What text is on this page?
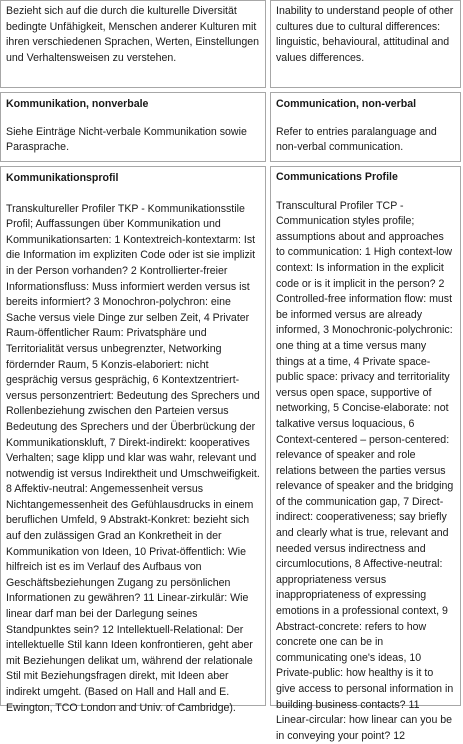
Bezieht sich auf die durch die kulturelle Diversität bedingte Unfähigkeit, Menschen anderer Kulturen mit ihren verschiedenen Sprachen, Werten, Einstellungen und Verhaltensweisen zu verstehen.
Inability to understand people of other cultures due to cultural differences: linguistic, behavioural, attitudinal and values differences.
Kommunikation, nonverbale
Siehe Einträge Nicht-verbale Kommunikation sowie Parasprache.
Communication, non-verbal
Refer to entries paralanguage and non-verbal communication.
Kommunikationsprofil
Transkultureller Profiler TKP - Kommunikationsstile Profil; Auffassungen über Kommunikation und Kommunikationsarten: 1 Kontextreich-kontextarm: Ist die Information im expliziten Code oder ist sie implizit in der Person vorhanden? 2 Kontrollierter-freier Informationsfluss: Muss informiert werden versus ist bereits informiert? 3 Monochron-polychron: eine Sache versus viele Dinge zur selben Zeit, 4 Privater Raum-öffentlicher Raum: Privatsphäre und Territorialität versus unbegrenzter, Networking fördernder Raum, 5 Konzis-elaboriert: nicht gesprächig versus gesprächig, 6 Kontextzentriert-versus personzentriert: Bedeutung des Sprechers und Rollenbeziehung zwischen den Parteien versus Bedeutung des Sprechers und der Überbrückung der Kommunikationskluft, 7 Direkt-indirekt: kooperatives Verhalten; sage klipp und klar was wahr, relevant und notwendig ist versus Indirektheit und Umschweifigkeit. 8 Affektiv-neutral: Angemessenheit versus Nichtangemessenheit des Gefühlausdrucks in einem beruflichen Umfeld, 9 Abstrakt-Konkret: bezieht sich auf den zulässigen Grad an Konkretheit in der Kommunikation von Ideen, 10 Privat-öffentlich: Wie hilfreich ist es im Verlauf des Aufbaus von Geschäftsbeziehungen Zugang zu persönlichen Informationen zu gewähren? 11 Linear-zirkulär: Wie linear darf man bei der Darlegung seines Standpunktes sein? 12 Intellektuell-Relational: Der intellektuelle Stil kann Ideen konfrontieren, geht aber mit Beziehungen delikat um, während der relationale Stil mit Beziehungsfragen direkt, mit Ideen aber indirekt umgeht. (Based on Hall and Hall and E. Ewington, TCO London and Univ. of Cambridge).
Communications Profile
Transcultural Profiler TCP - Communication styles profile; assumptions about and approaches to communication: 1 High context-low context: Is information in the explicit code or is it implicit in the person? 2 Controlled-free information flow: must be informed versus are already informed, 3 Monochronic-polychronic: one thing at a time versus many things at a time, 4 Private space-public space: privacy and territoriality versus open space, supportive of networking, 5 Concise-elaborate: not talkative versus loquacious, 6 Context-centered – person-centered: relevance of speaker and role relations between the parties versus relevance of speaker and the bridging of the communication gap, 7 Direct-indirect: cooperativeness; say briefly and clearly what is true, relevant and needed versus indirectness and circumlocutions, 8 Affective-neutral: appropriateness versus inappropriateness of expressing emotions in a professional context, 9 Abstract-concrete: refers to how concrete one can be in communicating one's ideas, 10 Private-public: how healthy is it to give access to personal information in building business contacts? 11 Linear-circular: how linear can you be in conveying your point? 12
